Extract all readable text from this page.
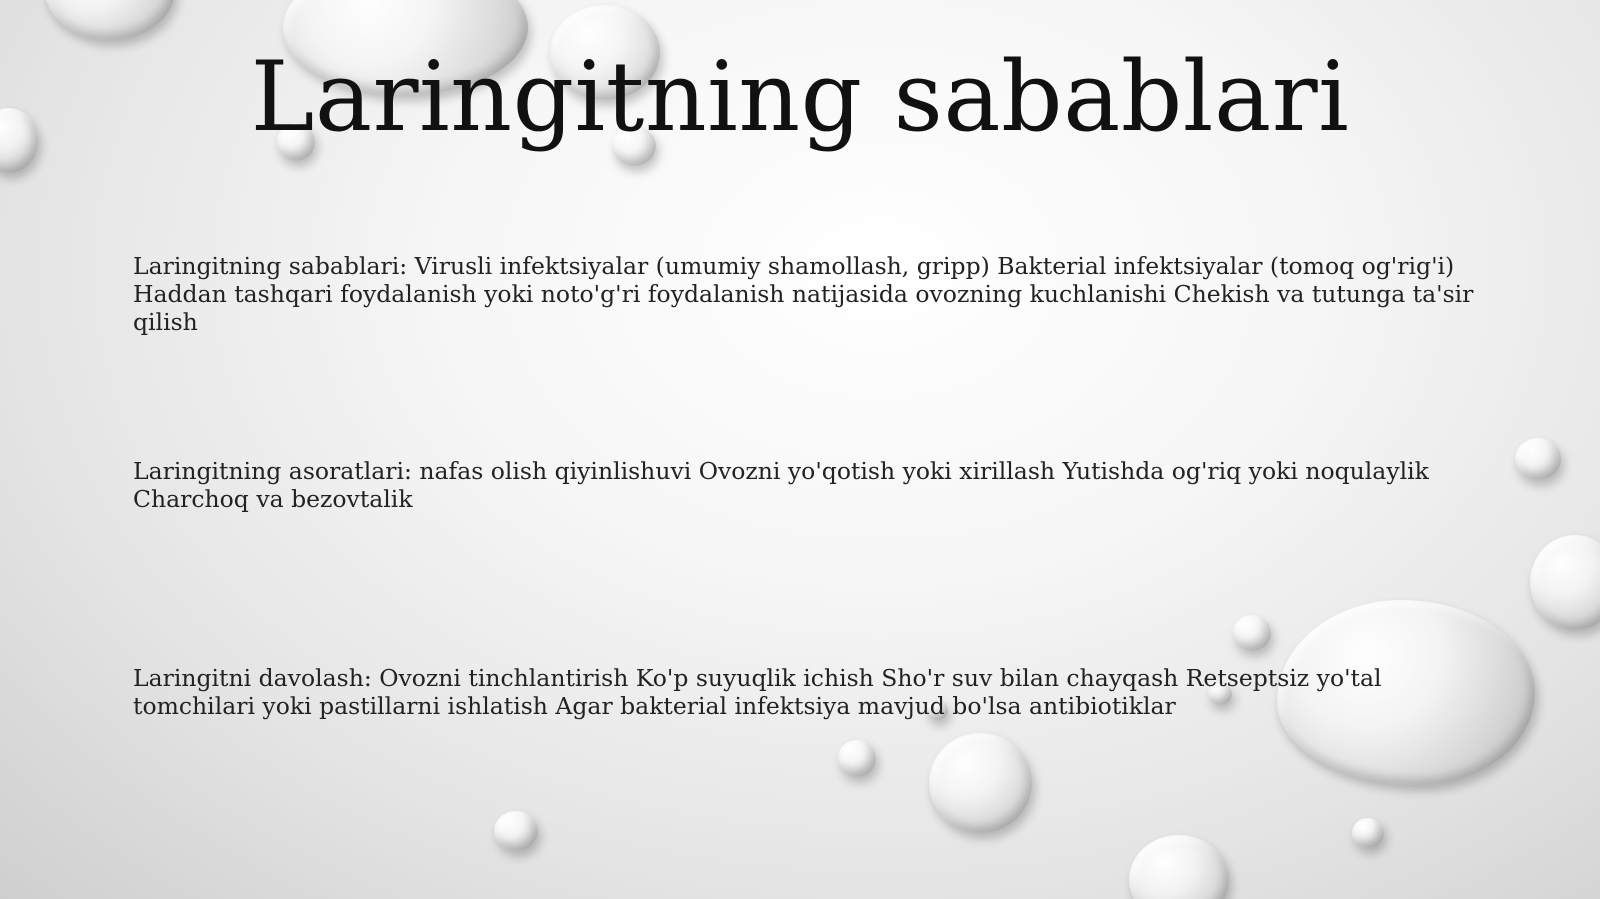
Laringitning sabablari

Laringitning sabablari: Virusli infektsiyalar (umumiy shamollash, gripp) Bakterial infektsiyalar (tomoq og'rig'i) Haddan tashqari foydalanish yoki noto'g'ri foydalanish natijasida ovozning kuchlanishi Chekish va tutunga ta'sir qilish

Laringitning asoratlari: nafas olish qiyinlishuvi Ovozni yo'qotish yoki xirillash Yutishda og'riq yoki noqulaylik Charchoq va bezovtalik

Laringitni davolash: Ovozni tinchlantirish Ko'p suyuqlik ichish Sho'r suv bilan chayqash Retseptsiz yo'tal tomchilari yoki pastillarni ishlatish Agar bakterial infektsiya mavjud bo'lsa antibiotiklar
